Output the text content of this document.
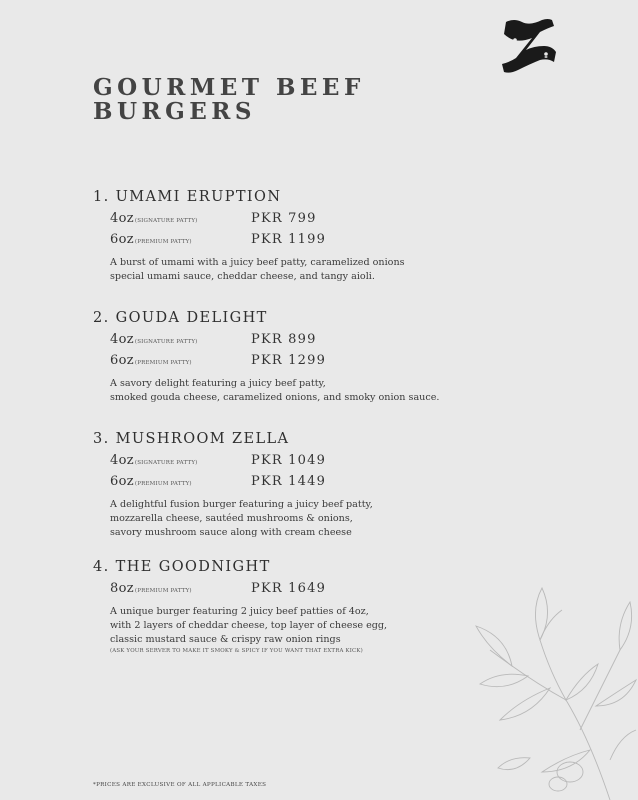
GOURMET BEEF
BURGERS
1. UMAMI ERUPTION
4oz(SIGNATURE PATTY)	PKR 799
6oz(PREMIUM PATTY)	PKR 1199
A burst of umami with a juicy beef patty, caramelized onions
special umami sauce, cheddar cheese, and tangy aioli.
2. GOUDA DELIGHT
4oz(SIGNATURE PATTY)	PKR 899
6oz(PREMIUM PATTY)	PKR 1299
A savory delight featuring a juicy beef patty,
smoked gouda cheese, caramelized onions, and smoky onion sauce.
3. MUSHROOM ZELLA
4oz(SIGNATURE PATTY)	PKR 1049
6oz(PREMIUM PATTY)	PKR 1449
A delightful fusion burger featuring a juicy beef patty,
mozzarella cheese, sautéed mushrooms & onions,
savory mushroom sauce along with cream cheese
4. THE GOODNIGHT
8oz(PREMIUM PATTY)	PKR 1649
A unique burger featuring 2 juicy beef patties of 4oz,
with 2 layers of cheddar cheese, top layer of cheese egg,
classic mustard sauce & crispy raw onion rings
(ASK YOUR SERVER TO MAKE IT SMOKY & SPICY IF YOU WANT THAT EXTRA KICK)
*PRICES ARE EXCLUSIVE OF ALL APPLICABLE TAXES
